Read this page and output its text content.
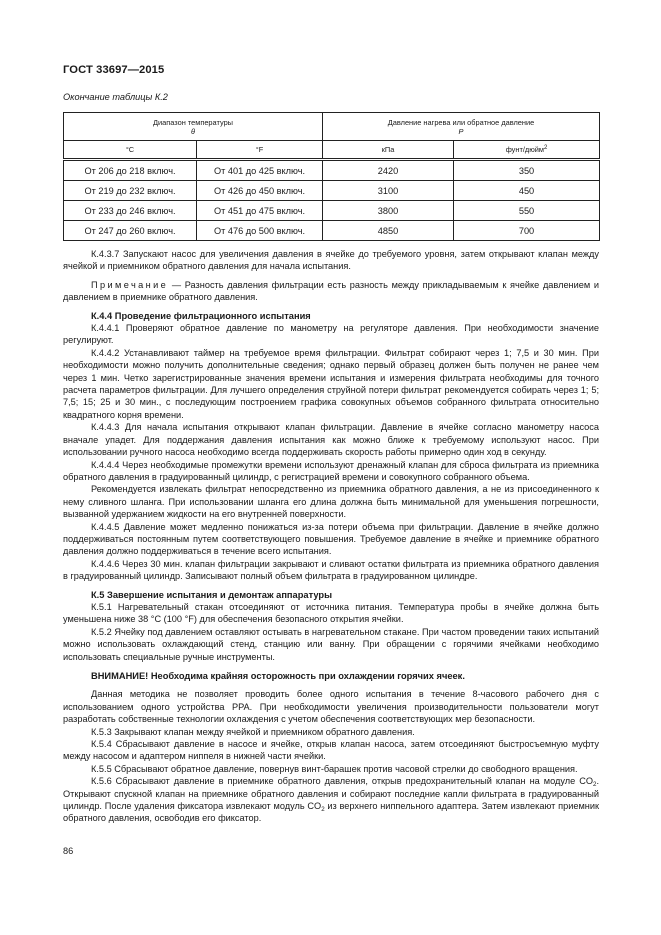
ГОСТ 33697—2015
Окончание таблицы К.2
Диапазон температуры
θ		Давление нагрева или обратное давление
P	

°C	°F	кПа	фунт/дюйм$^2$
От 206 до 218 включ.	От 401 до 425 включ.	2420	350
От 219 до 232 включ.	От 426 до 450 включ.	3100	450
От 233 до 246 включ.	От 451 до 475 включ.	3800	550
От 247 до 260 включ.	От 476 до 500 включ.	4850	700

К.4.3.7 Запускают насос для увеличения давления в ячейке до требуемого уровня, затем открывают клапан между ячейкой и приемником обратного давления для начала испытания.

Примечание — Разность давления фильтрации есть разность между прикладываемым к ячейке давлением и давлением в приемнике обратного давления.

К.4.4 Проведение фильтрационного испытания

К.4.4.1 Проверяют обратное давление по манометру на регуляторе давления. При необходимости значение регулируют.

К.4.4.2 Устанавливают таймер на требуемое время фильтрации. Фильтрат собирают через 1; 7,5 и 30 мин. При необходимости можно получить дополнительные сведения; однако первый образец должен быть получен не ранее чем через 1 мин. Четко зарегистрированные значения времени испытания и измерения фильтрата необходимы для точного расчета параметров фильтрации. Для лучшего определения струйной потери фильтрат рекомендуется собирать через 1; 5; 7,5; 15; 25 и 30 мин., с последующим построением графика совокупных объемов собранного фильтрата относительно квадратного корня времени.

К.4.4.3 Для начала испытания открывают клапан фильтрации. Давление в ячейке согласно манометру насоса вначале упадет. Для поддержания давления испытания как можно ближе к требуемому используют насос. При использовании ручного насоса необходимо всегда поддерживать скорость работы примерно один ход в секунду.

К.4.4.4 Через необходимые промежутки времени используют дренажный клапан для сброса фильтрата из приемника обратного давления в градуированный цилиндр, с регистрацией времени и совокупного собранного объема.

Рекомендуется извлекать фильтрат непосредственно из приемника обратного давления, а не из присоединенного к нему сливного шланга. При использовании шланга его длина должна быть минимальной для уменьшения погрешности, вызванной удержанием жидкости на его внутренней поверхности.

К.4.4.5 Давление может медленно понижаться из-за потери объема при фильтрации. Давление в ячейке должно поддерживаться постоянным путем соответствующего повышения. Требуемое давление в ячейке и приемнике обратного давления должно поддерживаться в течение всего испытания.

К.4.4.6 Через 30 мин. клапан фильтрации закрывают и сливают остатки фильтрата из приемника обратного давления в градуированный цилиндр. Записывают полный объем фильтрата в градуированном цилиндре.

К.5 Завершение испытания и демонтаж аппаратуры

К.5.1 Нагревательный стакан отсоединяют от источника питания. Температура пробы в ячейке должна быть уменьшена ниже 38 °С (100 °F) для обеспечения безопасного открытия ячейки.

К.5.2 Ячейку под давлением оставляют остывать в нагревательном стакане. При частом проведении таких испытаний можно использовать охлаждающий стенд, станцию или ванну. При обращении с горячими ячейками необходимо использовать специальные ручные инструменты.

ВНИМАНИЕ! Необходима крайняя осторожность при охлаждении горячих ячеек.

Данная методика не позволяет проводить более одного испытания в течение 8-часового рабочего дня с использованием одного устройства PPA. При необходимости увеличения производительности пользователи могут разработать собственные технологии охлаждения с учетом обеспечения соответствующих мер безопасности.

К.5.3 Закрывают клапан между ячейкой и приемником обратного давления.

К.5.4 Сбрасывают давление в насосе и ячейке, открыв клапан насоса, затем отсоединяют быстросъемную муфту между насосом и адаптером ниппеля в нижней части ячейки.

К.5.5 Сбрасывают обратное давление, повернув винт-барашек против часовой стрелки до свободного вращения.

К.5.6 Сбрасывают давление в приемнике обратного давления, открыв предохранительный клапан на модуле $CO_2$. Открывают спускной клапан на приемнике обратного давления и собирают последние капли фильтрата в градуированный цилиндр. После удаления фиксатора извлекают модуль $CO_2$ из верхнего ниппельного адаптера. Затем извлекают приемник обратного давления, освободив его фиксатор.

86
